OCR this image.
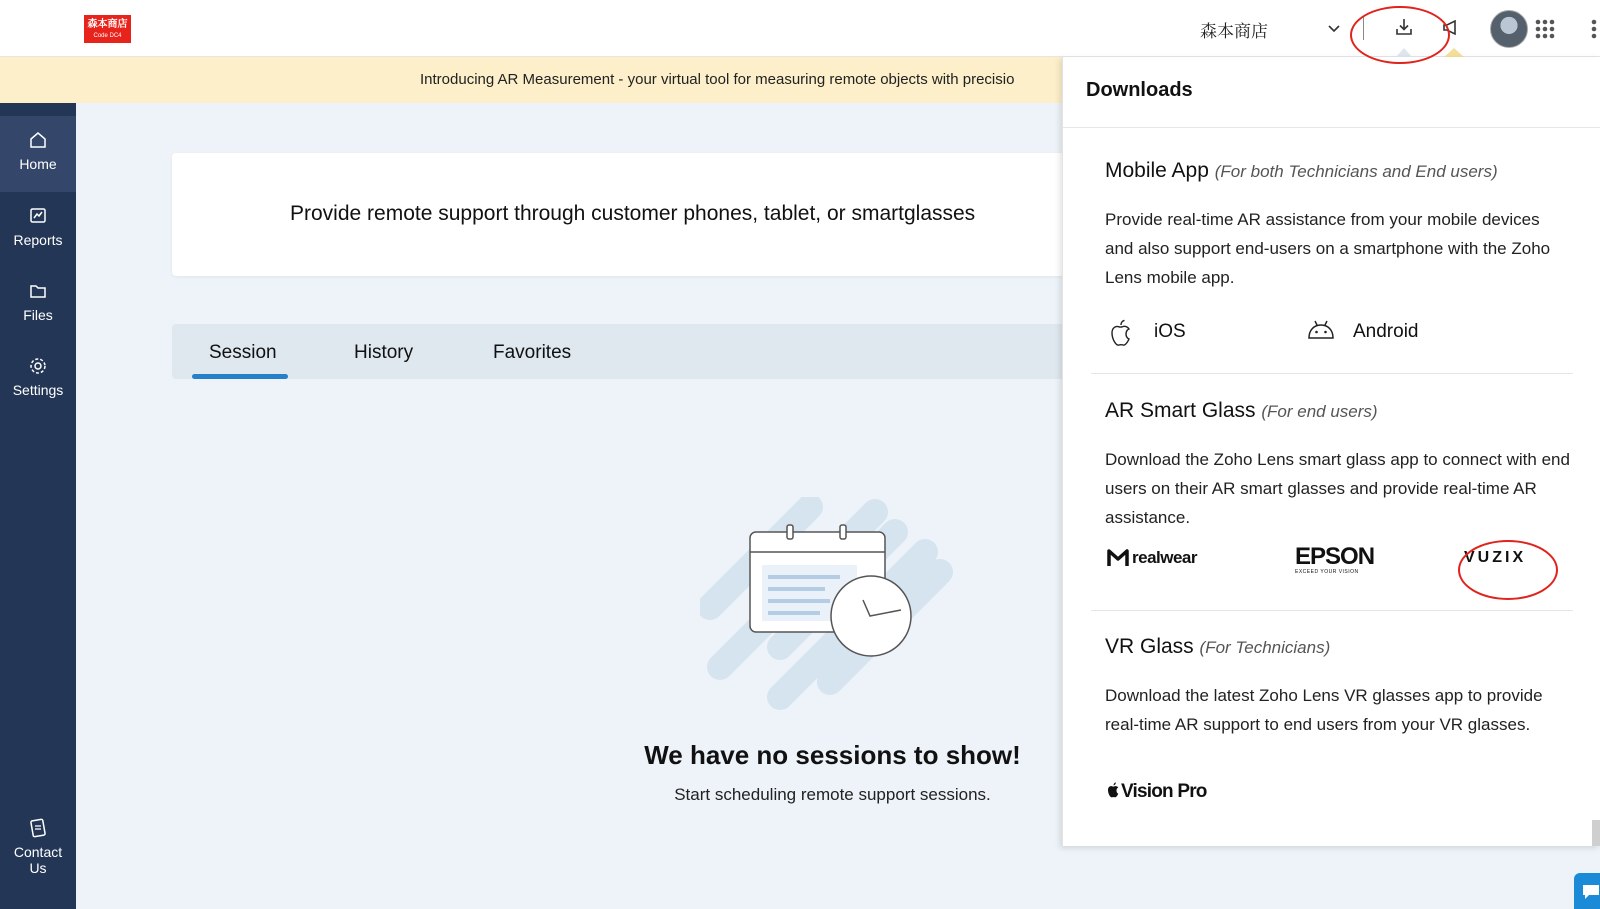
森本商店
Code DC4	森本商店
Introducing AR Measurement - your virtual tool for measuring remote objects with precisio
Home
Reports
Files
Settings
Contact
Us
Provide remote support through customer phones, tablet, or smartglasses
Session	History	Favorites
We have no sessions to show!
Start scheduling remote support sessions.
Downloads
Mobile App (For both Technicians and End users)
Provide real-time AR assistance from your mobile devices and also support end-users on a smartphone with the Zoho Lens mobile app.
iOS	Android
AR Smart Glass (For end users)
Download the Zoho Lens smart glass app to connect with end users on their AR smart glasses and provide real-time AR assistance.
realwear	EPSON
EXCEED YOUR VISION
VUZIX
VR Glass (For Technicians)
Download the latest Zoho Lens VR glasses app to provide real-time AR support to end users from your VR glasses.
Vision Pro
